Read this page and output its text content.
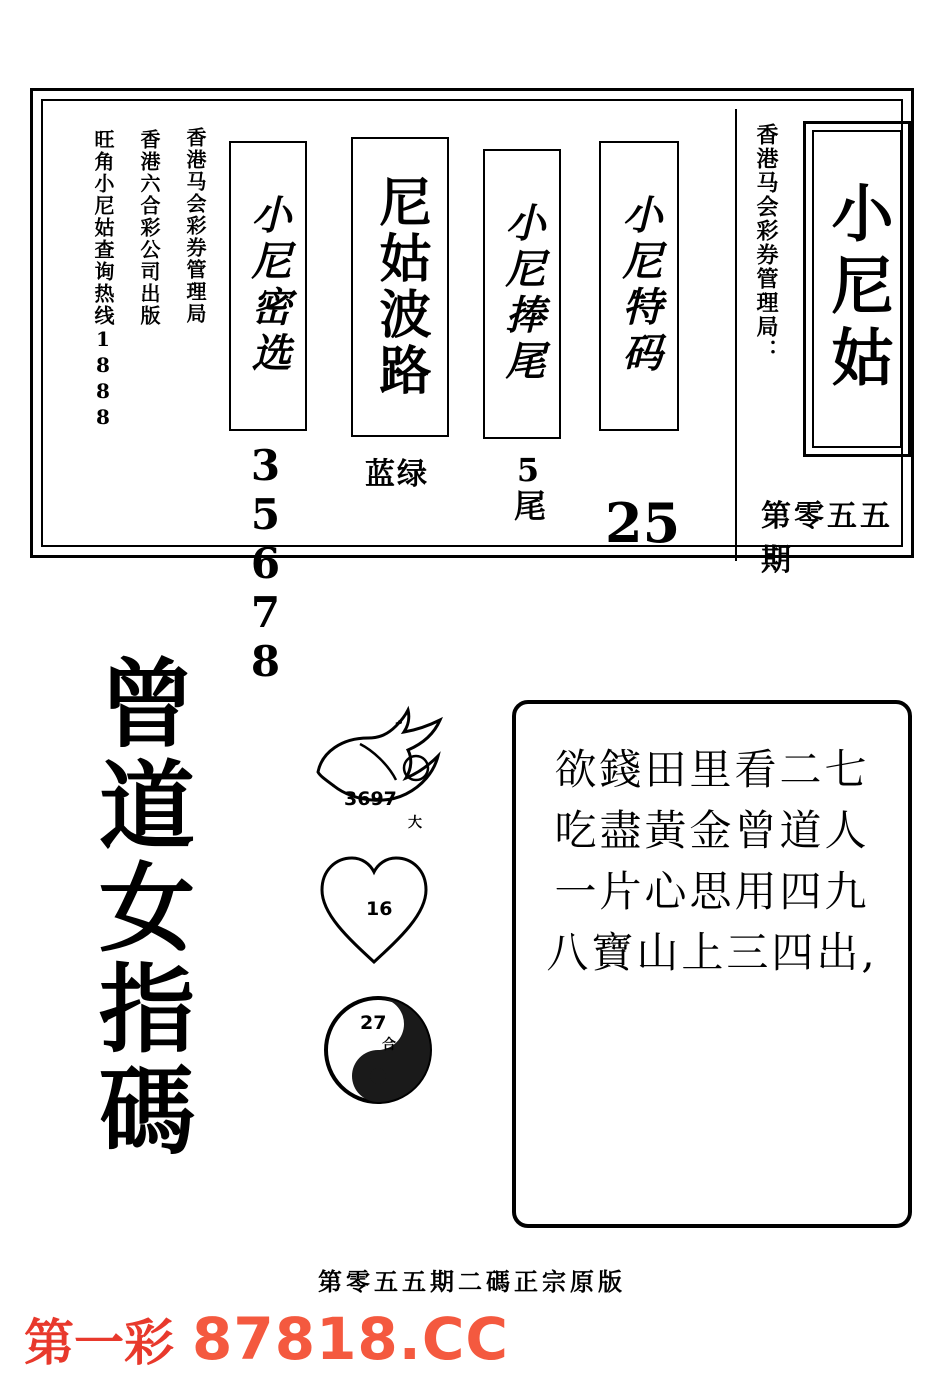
旺角小尼姑查询热线1888 香港六合彩公司出版 香港马会彩券管理局 小尼密选
35678
尼姑波路
蓝绿
小尼捧尾
5尾
小尼特码
25
香港马会彩券管理局： 小尼姑
第零五五期
曾
道
女
指
碼
3697
大
16
27
合
欲錢田里看二七
吃盡黃金曾道人
一片心思用四九
八寶山上三四出,
第零五五期二碼正宗原版
第一彩 87818.CC
